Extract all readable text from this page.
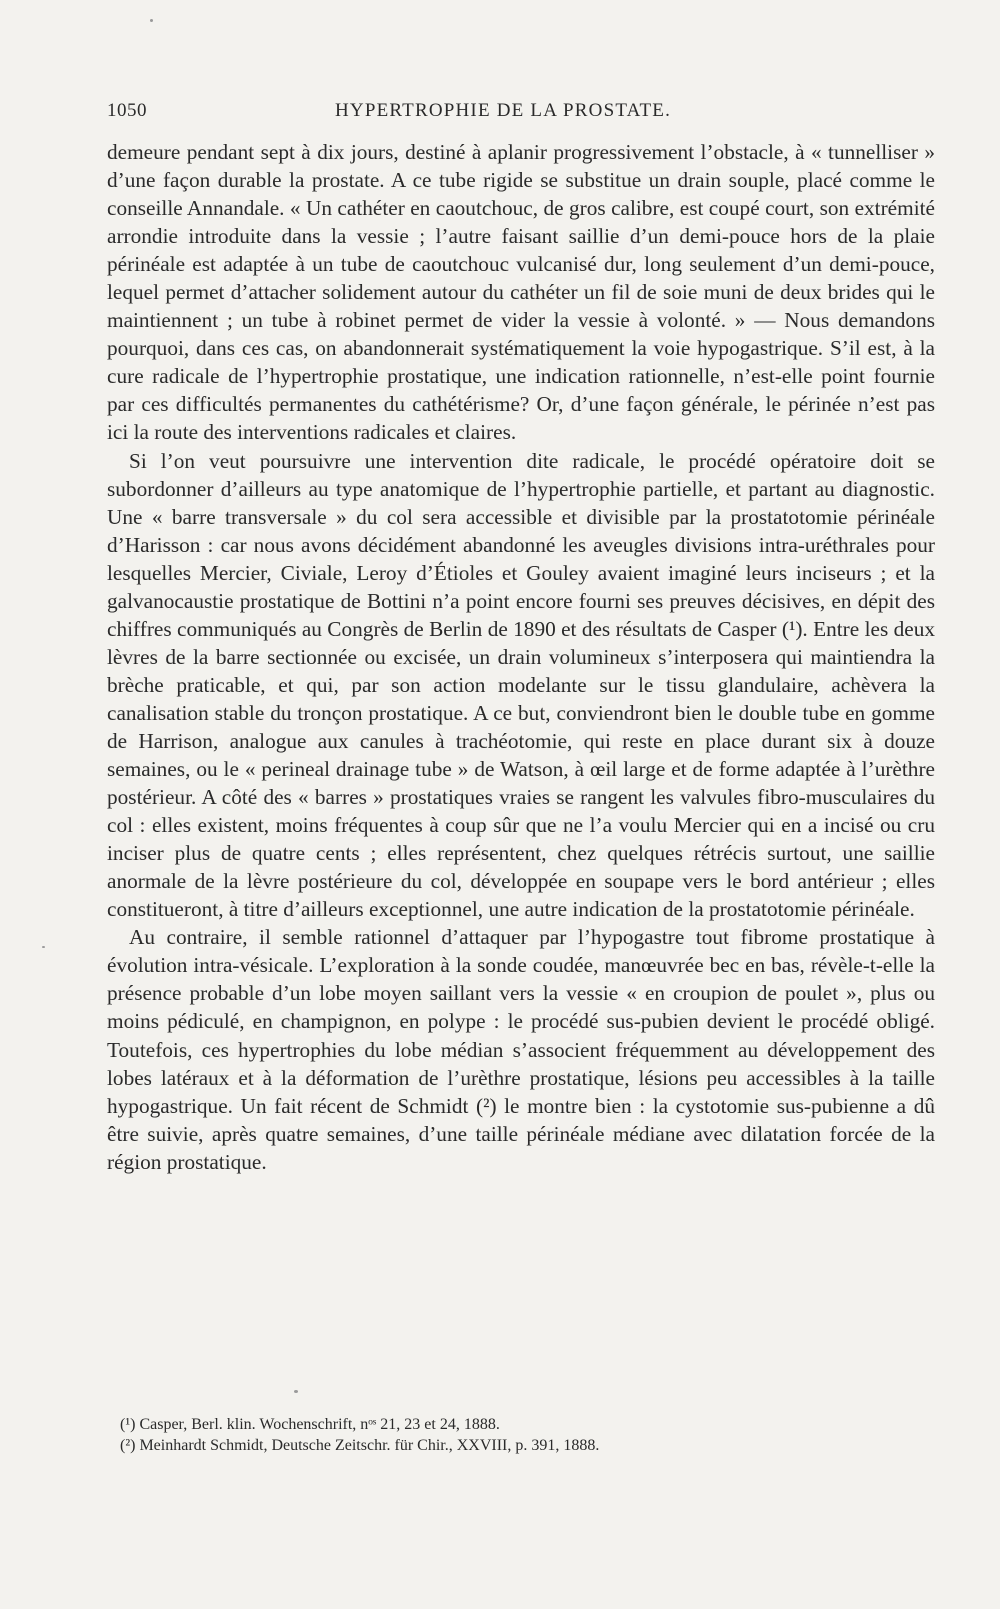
1050	HYPERTROPHIE DE LA PROSTATE.

demeure pendant sept à dix jours, destiné à aplanir progressivement l’obstacle, à « tunnelliser » d’une façon durable la prostate. A ce tube rigide se substitue un drain souple, placé comme le conseille Annandale. « Un cathéter en caoutchouc, de gros calibre, est coupé court, son extrémité arrondie introduite dans la vessie ; l’autre faisant saillie d’un demi-pouce hors de la plaie périnéale est adaptée à un tube de caoutchouc vulcanisé dur, long seulement d’un demi-pouce, lequel permet d’attacher solidement autour du cathéter un fil de soie muni de deux brides qui le maintiennent ; un tube à robinet permet de vider la vessie à volonté. » — Nous demandons pourquoi, dans ces cas, on abandonnerait systématiquement la voie hypogastrique. S’il est, à la cure radicale de l’hypertrophie prostatique, une indication rationnelle, n’est-elle point fournie par ces difficultés permanentes du cathétérisme? Or, d’une façon générale, le périnée n’est pas ici la route des interventions radicales et claires.

Si l’on veut poursuivre une intervention dite radicale, le procédé opératoire doit se subordonner d’ailleurs au type anatomique de l’hypertrophie partielle, et partant au diagnostic. Une « barre transversale » du col sera accessible et divisible par la prostatotomie périnéale d’Harisson : car nous avons décidément abandonné les aveugles divisions intra-uréthrales pour lesquelles Mercier, Civiale, Leroy d’Étioles et Gouley avaient imaginé leurs inciseurs ; et la galvanocaustie prostatique de Bottini n’a point encore fourni ses preuves décisives, en dépit des chiffres communiqués au Congrès de Berlin de 1890 et des résultats de Casper (¹). Entre les deux lèvres de la barre sectionnée ou excisée, un drain volumineux s’interposera qui maintiendra la brèche praticable, et qui, par son action modelante sur le tissu glandulaire, achèvera la canalisation stable du tronçon prostatique. A ce but, conviendront bien le double tube en gomme de Harrison, analogue aux canules à trachéotomie, qui reste en place durant six à douze semaines, ou le « perineal drainage tube » de Watson, à œil large et de forme adaptée à l’urèthre postérieur. A côté des « barres » prostatiques vraies se rangent les valvules fibro-musculaires du col : elles existent, moins fréquentes à coup sûr que ne l’a voulu Mercier qui en a incisé ou cru inciser plus de quatre cents ; elles représentent, chez quelques rétrécis surtout, une saillie anormale de la lèvre postérieure du col, développée en soupape vers le bord antérieur ; elles constitueront, à titre d’ailleurs exceptionnel, une autre indication de la prostatotomie périnéale.

Au contraire, il semble rationnel d’attaquer par l’hypogastre tout fibrome prostatique à évolution intra-vésicale. L’exploration à la sonde coudée, manœuvrée bec en bas, révèle-t-elle la présence probable d’un lobe moyen saillant vers la vessie « en croupion de poulet », plus ou moins pédiculé, en champignon, en polype : le procédé sus-pubien devient le procédé obligé. Toutefois, ces hypertrophies du lobe médian s’associent fréquemment au développement des lobes latéraux et à la déformation de l’urèthre prostatique, lésions peu accessibles à la taille hypogastrique. Un fait récent de Schmidt (²) le montre bien : la cystotomie sus-pubienne a dû être suivie, après quatre semaines, d’une taille périnéale médiane avec dilatation forcée de la région prostatique.

(¹) Casper, Berl. klin. Wochenschrift, nᵒˢ 21, 23 et 24, 1888.

(²) Meinhardt Schmidt, Deutsche Zeitschr. für Chir., XXVIII, p. 391, 1888.
